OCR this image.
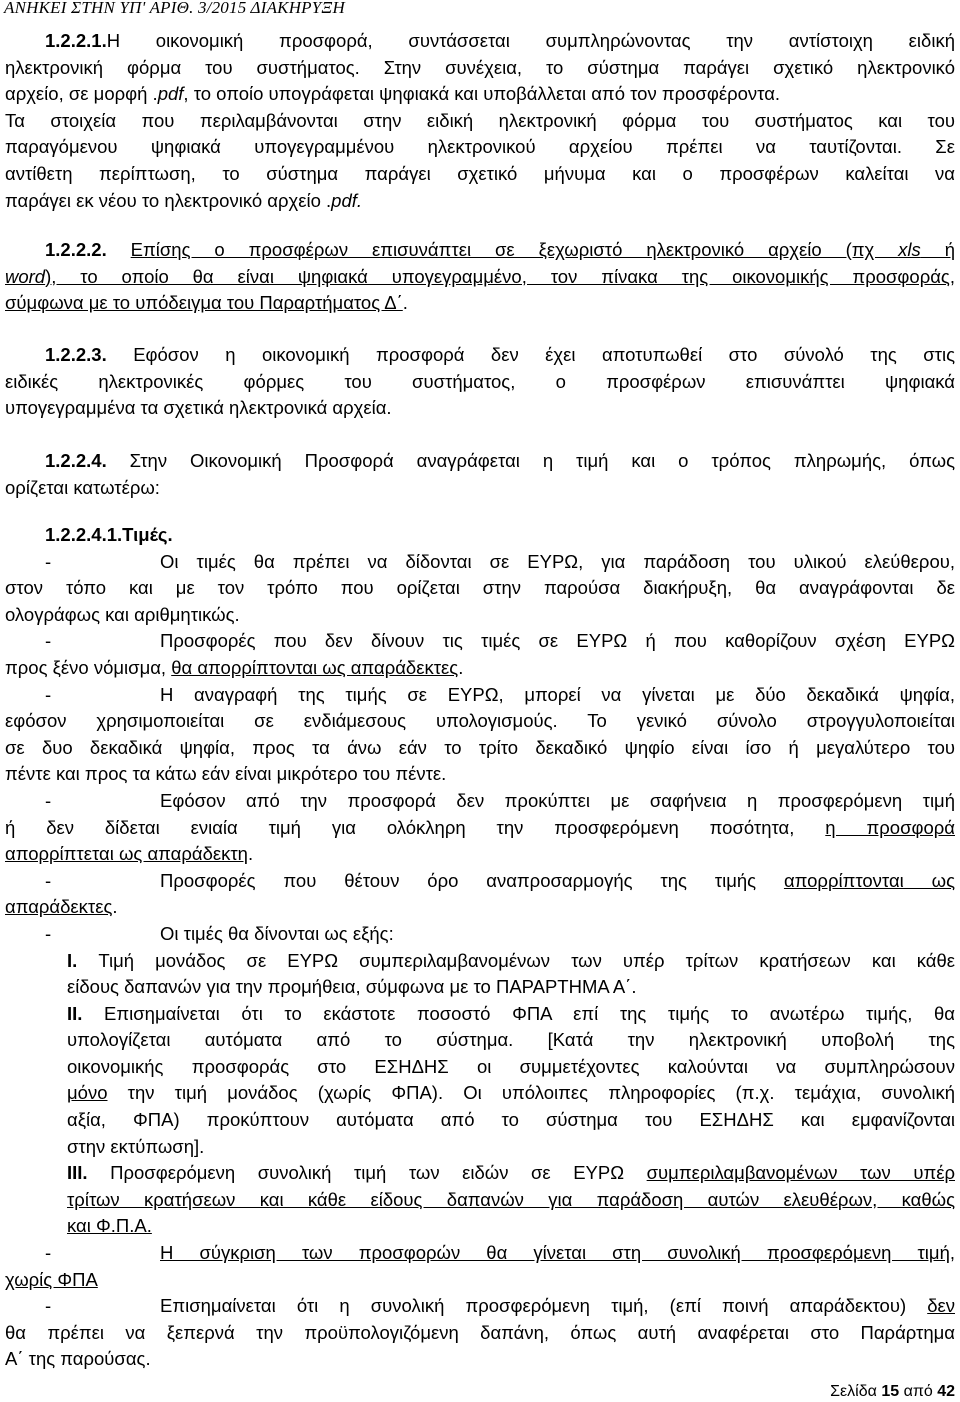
ΑΝΗΚΕΙ ΣΤΗΝ ΥΠ' ΑΡΙΘ. 3/2015 ΔΙΑΚΗΡΥΞΗ
1.2.2.1.Η οικονομική προσφορά, συντάσσεται συμπληρώνοντας την αντίστοιχη ειδική
ηλεκτρονική φόρμα του συστήματος. Στην συνέχεια, το σύστημα παράγει σχετικό ηλεκτρονικό
αρχείο, σε μορφή .pdf, το οποίο υπογράφεται ψηφιακά και υποβάλλεται από τον προσφέροντα.
Τα στοιχεία που περιλαμβάνονται στην ειδική ηλεκτρονική φόρμα του συστήματος και του
παραγόμενου ψηφιακά υπογεγραμμένου ηλεκτρονικού αρχείου πρέπει να ταυτίζονται. Σε
αντίθετη περίπτωση, το σύστημα παράγει σχετικό μήνυμα και ο προσφέρων καλείται να
παράγει εκ νέου το ηλεκτρονικό αρχείο .pdf.
1.2.2.2. Επίσης ο προσφέρων επισυνάπτει σε ξεχωριστό ηλεκτρονικό αρχείο (πχ xls ή
word), το οποίο θα είναι ψηφιακά υπογεγραμμένο, τον πίνακα της οικονομικής προσφοράς,
σύμφωνα με το υπόδειγμα του Παραρτήματος Δ΄.
1.2.2.3. Εφόσον η οικονομική προσφορά δεν έχει αποτυπωθεί στο σύνολό της στις
ειδικές ηλεκτρονικές φόρμες του συστήματος, ο προσφέρων επισυνάπτει ψηφιακά
υπογεγραμμένα τα σχετικά ηλεκτρονικά αρχεία.
1.2.2.4. Στην Οικονομική Προσφορά αναγράφεται η τιμή και ο τρόπος πληρωμής, όπως
ορίζεται κατωτέρω:
1.2.2.4.1.Τιμές.
-	Οι τιμές θα πρέπει να δίδονται σε ΕΥΡΩ, για παράδοση του υλικού ελεύθερου,
στον τόπο και με τον τρόπο που ορίζεται στην παρούσα διακήρυξη, θα αναγράφονται δε
ολογράφως και αριθμητικώς.
-	Προσφορές που δεν δίνουν τις τιμές σε ΕΥΡΩ ή που καθορίζουν σχέση ΕΥΡΩ
προς ξένο νόμισμα, θα απορρίπτονται ως απαράδεκτες.
-	Η αναγραφή της τιμής σε ΕΥΡΩ, μπορεί να γίνεται με δύο δεκαδικά ψηφία,
εφόσον χρησιμοποιείται σε ενδιάμεσους υπολογισμούς. Το γενικό σύνολο στρογγυλοποιείται
σε δυο δεκαδικά ψηφία, προς τα άνω εάν το τρίτο δεκαδικό ψηφίο είναι ίσο ή μεγαλύτερο του
πέντε και προς τα κάτω εάν είναι μικρότερο του πέντε.
-	Εφόσον από την προσφορά δεν προκύπτει με σαφήνεια η προσφερόμενη τιμή
ή δεν δίδεται ενιαία τιμή για ολόκληρη την προσφερόμενη ποσότητα, η προσφορά
απορρίπτεται ως απαράδεκτη.
-	Προσφορές που θέτουν όρο αναπροσαρμογής της τιμής απορρίπτονται ως
απαράδεκτες.
-	Οι τιμές θα δίνονται ως εξής:
I. Τιμή μονάδος σε ΕΥΡΩ συμπεριλαμβανομένων των υπέρ τρίτων κρατήσεων και κάθε
είδους δαπανών για την προμήθεια, σύμφωνα με το ΠΑΡΑΡΤΗΜΑ Α΄.
II. Επισημαίνεται ότι το εκάστοτε ποσοστό ΦΠΑ επί της τιμής το ανωτέρω τιμής, θα
υπολογίζεται αυτόματα από το σύστημα. [Κατά την ηλεκτρονική υποβολή της
οικονομικής προσφοράς στο ΕΣΗΔΗΣ οι συμμετέχοντες καλούνται να συμπληρώσουν
μόνο την τιμή μονάδος (χωρίς ΦΠΑ). Οι υπόλοιπες πληροφορίες (π.χ. τεμάχια, συνολική
αξία, ΦΠΑ) προκύπτουν αυτόματα από το σύστημα του ΕΣΗΔΗΣ και εμφανίζονται
στην εκτύπωση].
III. Προσφερόμενη συνολική τιμή των ειδών σε ΕΥΡΩ συμπεριλαμβανομένων των υπέρ
τρίτων κρατήσεων και κάθε είδους δαπανών για παράδοση αυτών ελευθέρων, καθώς
και Φ.Π.Α.
-	Η σύγκριση των προσφορών θα γίνεται στη συνολική προσφερόμενη τιμή,
χωρίς ΦΠΑ
-	Επισημαίνεται ότι η συνολική προσφερόμενη τιμή, (επί ποινή απαράδεκτου) δεν
θα πρέπει να ξεπερνά την προϋπολογιζόμενη δαπάνη, όπως αυτή αναφέρεται στο Παράρτημα
Α΄ της παρούσας.
Σελίδα 15 από 42
